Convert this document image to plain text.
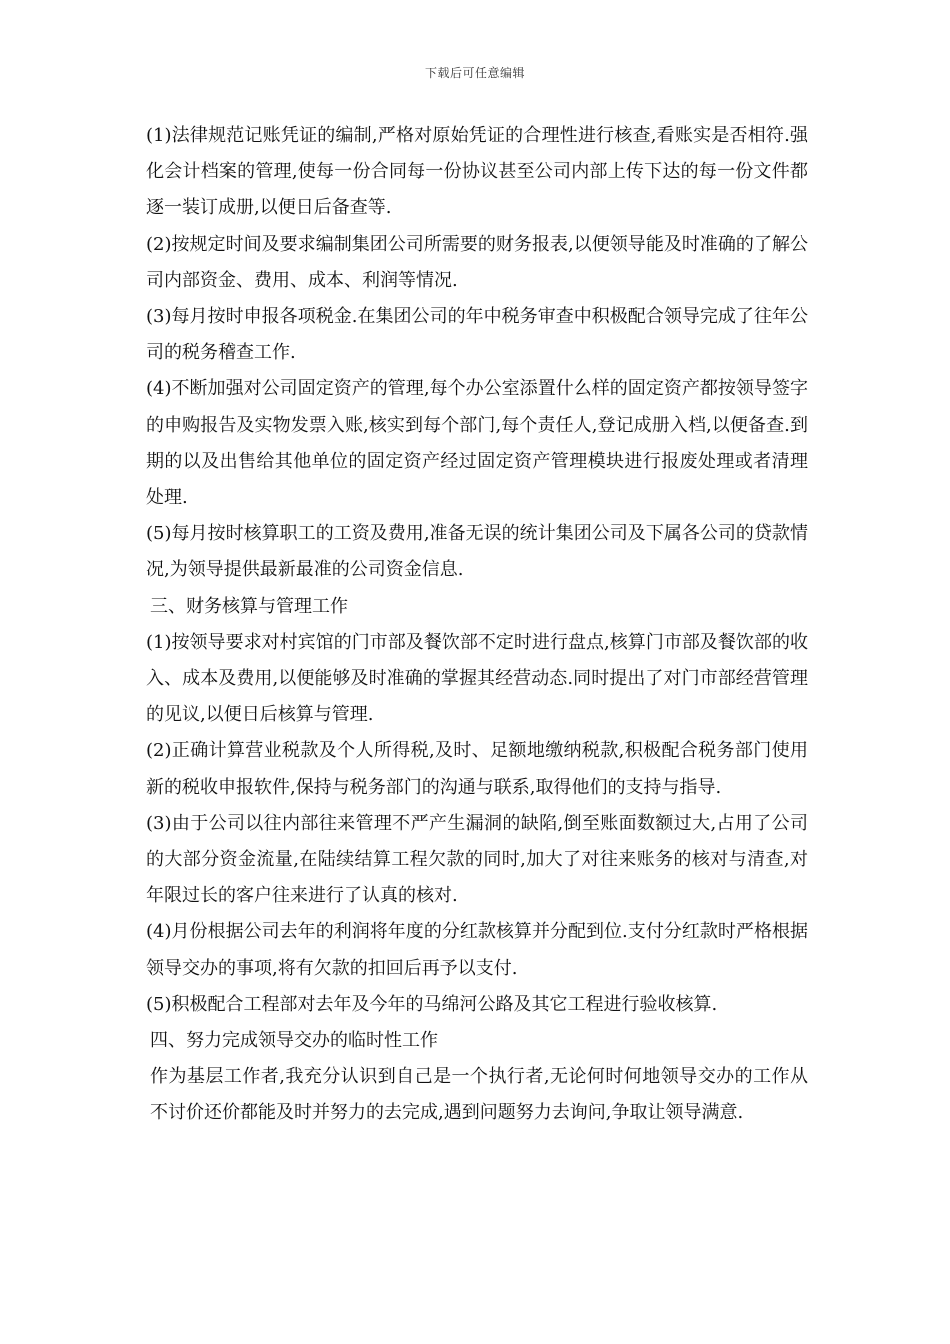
下载后可任意编辑

(1)法律规范记账凭证的编制,严格对原始凭证的合理性进行核查,看账实是否相符.强化会计档案的管理,使每一份合同每一份协议甚至公司内部上传下达的每一份文件都逐一装订成册,以便日后备查等.

(2)按规定时间及要求编制集团公司所需要的财务报表,以便领导能及时准确的了解公司内部资金、费用、成本、利润等情况.

(3)每月按时申报各项税金.在集团公司的年中税务审查中积极配合领导完成了往年公司的税务稽查工作.

(4)不断加强对公司固定资产的管理,每个办公室添置什么样的固定资产都按领导签字的申购报告及实物发票入账,核实到每个部门,每个责任人,登记成册入档,以便备查.到期的以及出售给其他单位的固定资产经过固定资产管理模块进行报废处理或者清理处理.

(5)每月按时核算职工的工资及费用,准备无误的统计集团公司及下属各公司的贷款情况,为领导提供最新最准的公司资金信息.

三、财务核算与管理工作

(1)按领导要求对村宾馆的门市部及餐饮部不定时进行盘点,核算门市部及餐饮部的收入、成本及费用,以便能够及时准确的掌握其经营动态.同时提出了对门市部经营管理的见议,以便日后核算与管理.

(2)正确计算营业税款及个人所得税,及时、足额地缴纳税款,积极配合税务部门使用新的税收申报软件,保持与税务部门的沟通与联系,取得他们的支持与指导.

(3)由于公司以往内部往来管理不严产生漏洞的缺陷,倒至账面数额过大,占用了公司的大部分资金流量,在陆续结算工程欠款的同时,加大了对往来账务的核对与清查,对年限过长的客户往来进行了认真的核对.

(4)月份根据公司去年的利润将年度的分红款核算并分配到位.支付分红款时严格根据领导交办的事项,将有欠款的扣回后再予以支付.

(5)积极配合工程部对去年及今年的马绵河公路及其它工程进行验收核算.

四、努力完成领导交办的临时性工作

作为基层工作者,我充分认识到自己是一个执行者,无论何时何地领导交办的工作从不讨价还价都能及时并努力的去完成,遇到问题努力去询问,争取让领导满意.
